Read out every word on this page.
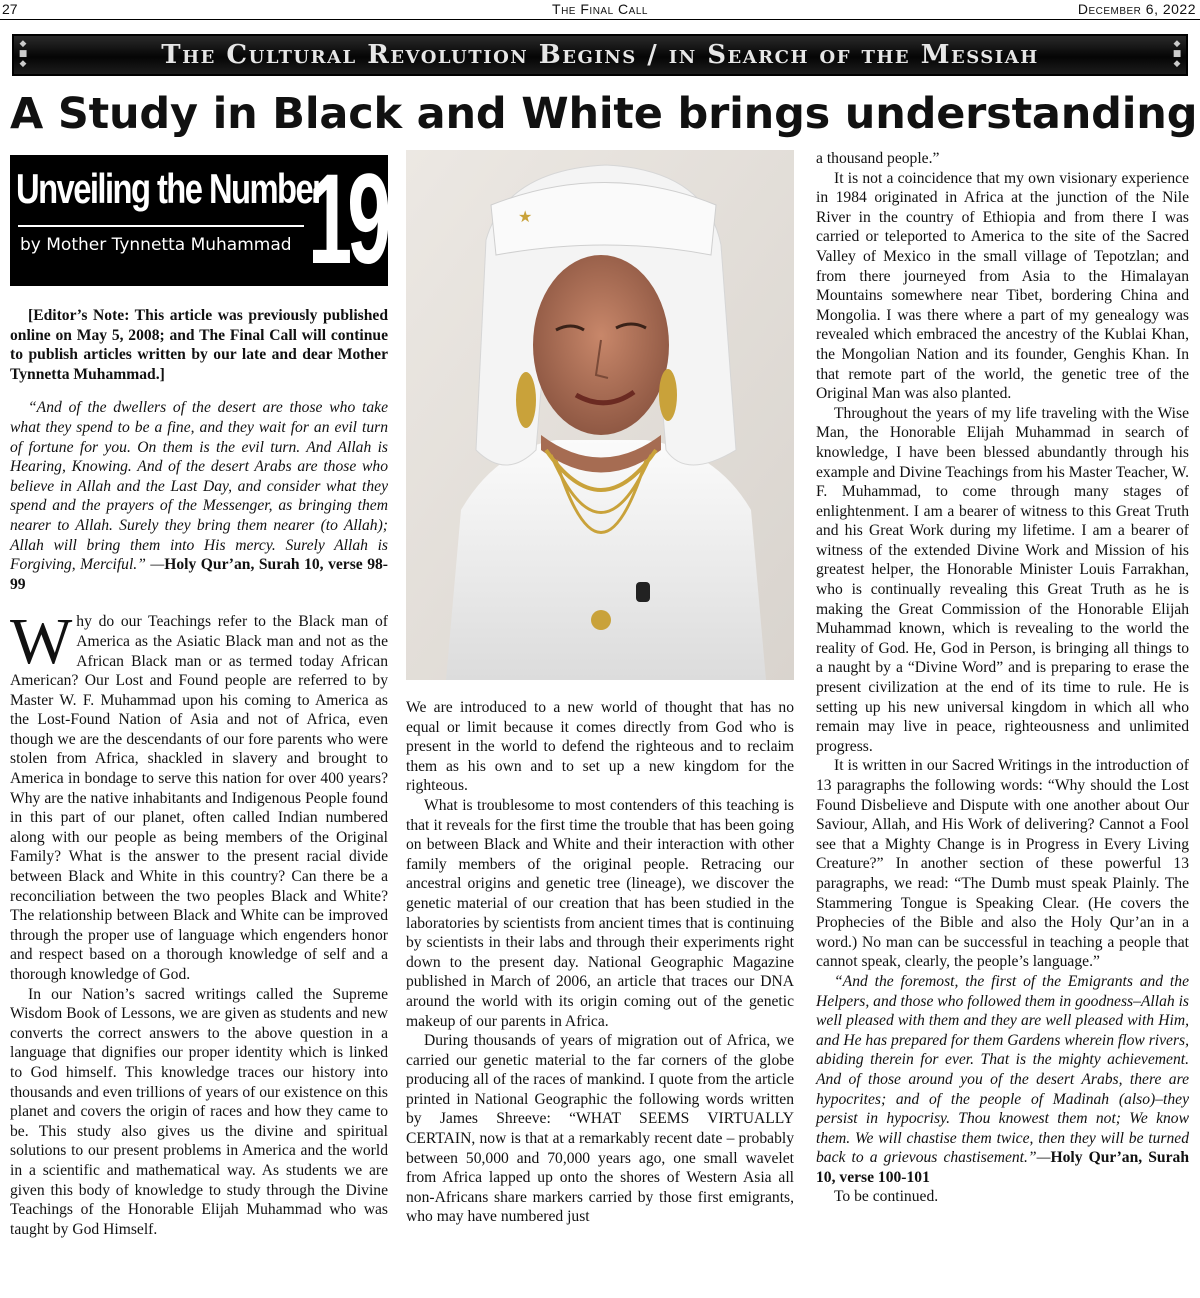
27	The Final Call	December 6, 2022
◆
■
◆	The Cultural Revolution Begins / in Search of the Messiah	◆
■
◆
A Study in Black and White brings understanding
Unveiling the Number
by Mother Tynnetta Muhammad 19

[Editor’s Note: This article was previously published online on May 5, 2008; and The Final Call will continue to publish articles written by our late and dear Mother Tynnetta Muhammad.]

“And of the dwellers of the desert are those who take what they spend to be a fine, and they wait for an evil turn of fortune for you. On them is the evil turn. And Allah is Hearing, Knowing. And of the desert Arabs are those who believe in Allah and the Last Day, and consider what they spend and the prayers of the Messenger, as bringing them nearer to Allah. Surely they bring them nearer (to Allah); Allah will bring them into His mercy. Surely Allah is Forgiving, Merciful.” —Holy Qur’an, Surah 10, verse 98-99

Why do our Teachings refer to the Black man of America as the Asiatic Black man and not as the African Black man or as termed today African American? Our Lost and Found people are referred to by Master W. F. Muhammad upon his coming to America as the Lost-Found Nation of Asia and not of Africa, even though we are the descendants of our fore parents who were stolen from Africa, shackled in slavery and brought to America in bondage to serve this nation for over 400 years? Why are the native inhabitants and Indigenous People found in this part of our planet, often called Indian numbered along with our people as being members of the Original Family? What is the answer to the present racial divide between Black and White in this country? Can there be a reconciliation between the two peoples Black and White? The relationship between Black and White can be improved through the proper use of language which engenders honor and respect based on a thorough knowledge of self and a thorough knowledge of God.

In our Nation’s sacred writings called the Supreme Wisdom Book of Lessons, we are given as students and new converts the correct answers to the above question in a language that dignifies our proper identity which is linked to God himself. This knowledge traces our history into thousands and even trillions of years of our existence on this planet and covers the origin of races and how they came to be. This study also gives us the divine and spiritual solutions to our present problems in America and the world in a scientific and mathematical way. As students we are given this body of knowledge to study through the Divine Teachings of the Honorable Elijah Muhammad who was taught by God Himself.

★

We are introduced to a new world of thought that has no equal or limit because it comes directly from God who is present in the world to defend the righteous and to reclaim them as his own and to set up a new kingdom for the righteous.

What is troublesome to most contenders of this teaching is that it reveals for the first time the trouble that has been going on between Black and White and their interaction with other family members of the original people. Retracing our ancestral origins and genetic tree (lineage), we discover the genetic material of our creation that has been studied in the laboratories by scientists from ancient times that is continuing by scientists in their labs and through their experiments right down to the present day. National Geographic Magazine published in March of 2006, an article that traces our DNA around the world with its origin coming out of the genetic makeup of our parents in Africa.

During thousands of years of migration out of Africa, we carried our genetic material to the far corners of the globe producing all of the races of mankind. I quote from the article printed in National Geographic the following words written by James Shreeve: “WHAT SEEMS VIRTUALLY CERTAIN, now is that at a remarkably recent date – probably between 50,000 and 70,000 years ago, one small wavelet from Africa lapped up onto the shores of Western Asia all non-Africans share markers carried by those first emigrants, who may have numbered just

a thousand people.”

It is not a coincidence that my own visionary experience in 1984 originated in Africa at the junction of the Nile River in the country of Ethiopia and from there I was carried or teleported to America to the site of the Sacred Valley of Mexico in the small village of Tepotzlan; and from there journeyed from Asia to the Himalayan Mountains somewhere near Tibet, bordering China and Mongolia. I was there where a part of my genealogy was revealed which embraced the ancestry of the Kublai Khan, the Mongolian Nation and its founder, Genghis Khan. In that remote part of the world, the genetic tree of the Original Man was also planted.

Throughout the years of my life traveling with the Wise Man, the Honorable Elijah Muhammad in search of knowledge, I have been blessed abundantly through his example and Divine Teachings from his Master Teacher, W. F. Muhammad, to come through many stages of enlightenment. I am a bearer of witness to this Great Truth and his Great Work during my lifetime. I am a bearer of witness of the extended Divine Work and Mission of his greatest helper, the Honorable Minister Louis Farrakhan, who is continually revealing this Great Truth as he is making the Great Commission of the Honorable Elijah Muhammad known, which is revealing to the world the reality of God. He, God in Person, is bringing all things to a naught by a “Divine Word” and is preparing to erase the present civilization at the end of its time to rule. He is setting up his new universal kingdom in which all who remain may live in peace, righteousness and unlimited progress.

It is written in our Sacred Writings in the introduction of 13 paragraphs the following words: “Why should the Lost Found Disbelieve and Dispute with one another about Our Saviour, Allah, and His Work of delivering? Cannot a Fool see that a Mighty Change is in Progress in Every Living Creature?” In another section of these powerful 13 paragraphs, we read: “The Dumb must speak Plainly. The Stammering Tongue is Speaking Clear. (He covers the Prophecies of the Bible and also the Holy Qur’an in a word.) No man can be successful in teaching a people that cannot speak, clearly, the people’s language.”

“And the foremost, the first of the Emigrants and the Helpers, and those who followed them in goodness–Allah is well pleased with them and they are well pleased with Him, and He has prepared for them Gardens wherein flow rivers, abiding therein for ever. That is the mighty achievement. And of those around you of the desert Arabs, there are hypocrites; and of the people of Madinah (also)–they persist in hypocrisy. Thou knowest them not; We know them. We will chastise them twice, then they will be turned back to a grievous chastisement.”—Holy Qur’an, Surah 10, verse 100-101

To be continued.
